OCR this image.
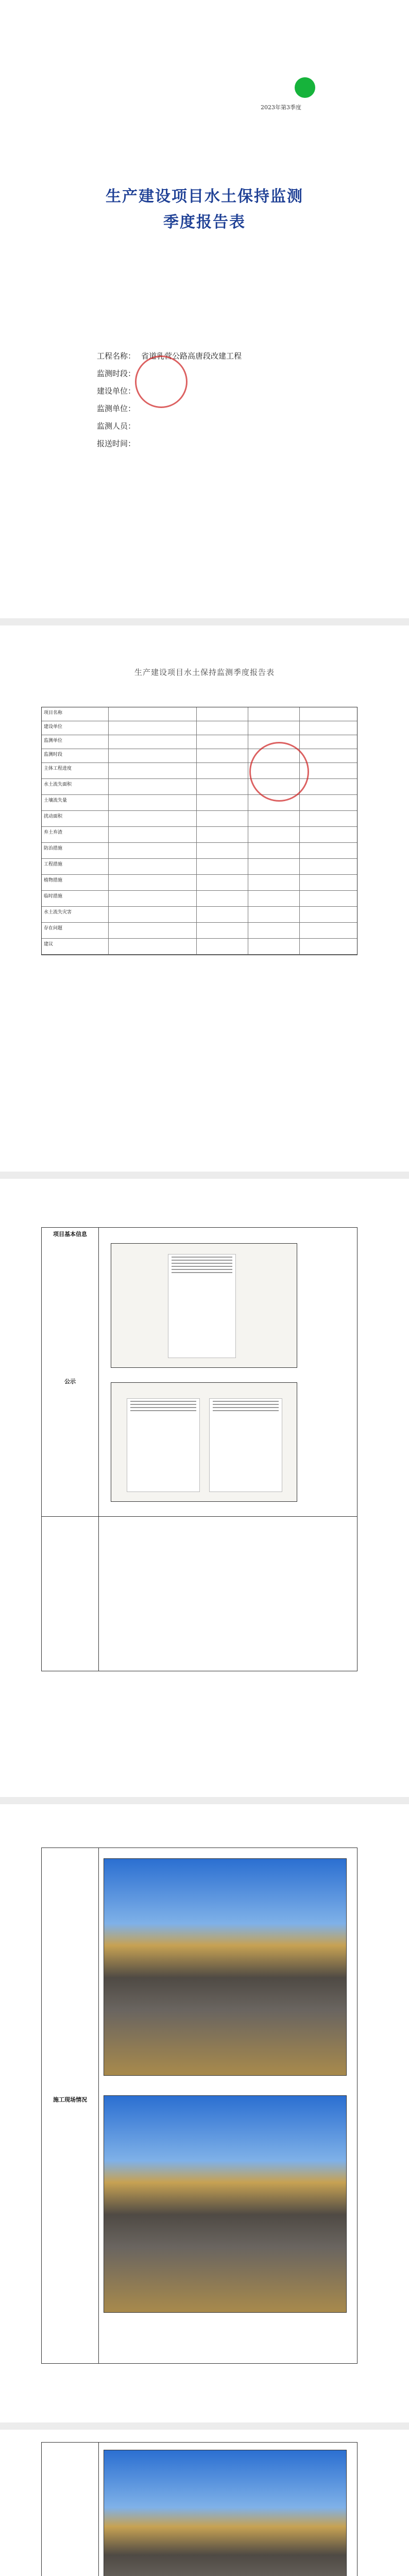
2023年第3季度
生产建设项目水土保持监测
季度报告表
工程名称： 省道乳营公路高唐段改建工程
监测时段：
建设单位：
监测单位：
监测人员：
报送时间：
生产建设项目水土保持监测季度报告表
项目名称
建设单位
监测单位
监测时段
主体工程进度
水土流失面积
土壤流失量
扰动面积
弃土弃渣
防治措施
工程措施
植物措施
临时措施
水土流失灾害
存在问题
建议
项目基本信息
公示
施工现场情况
